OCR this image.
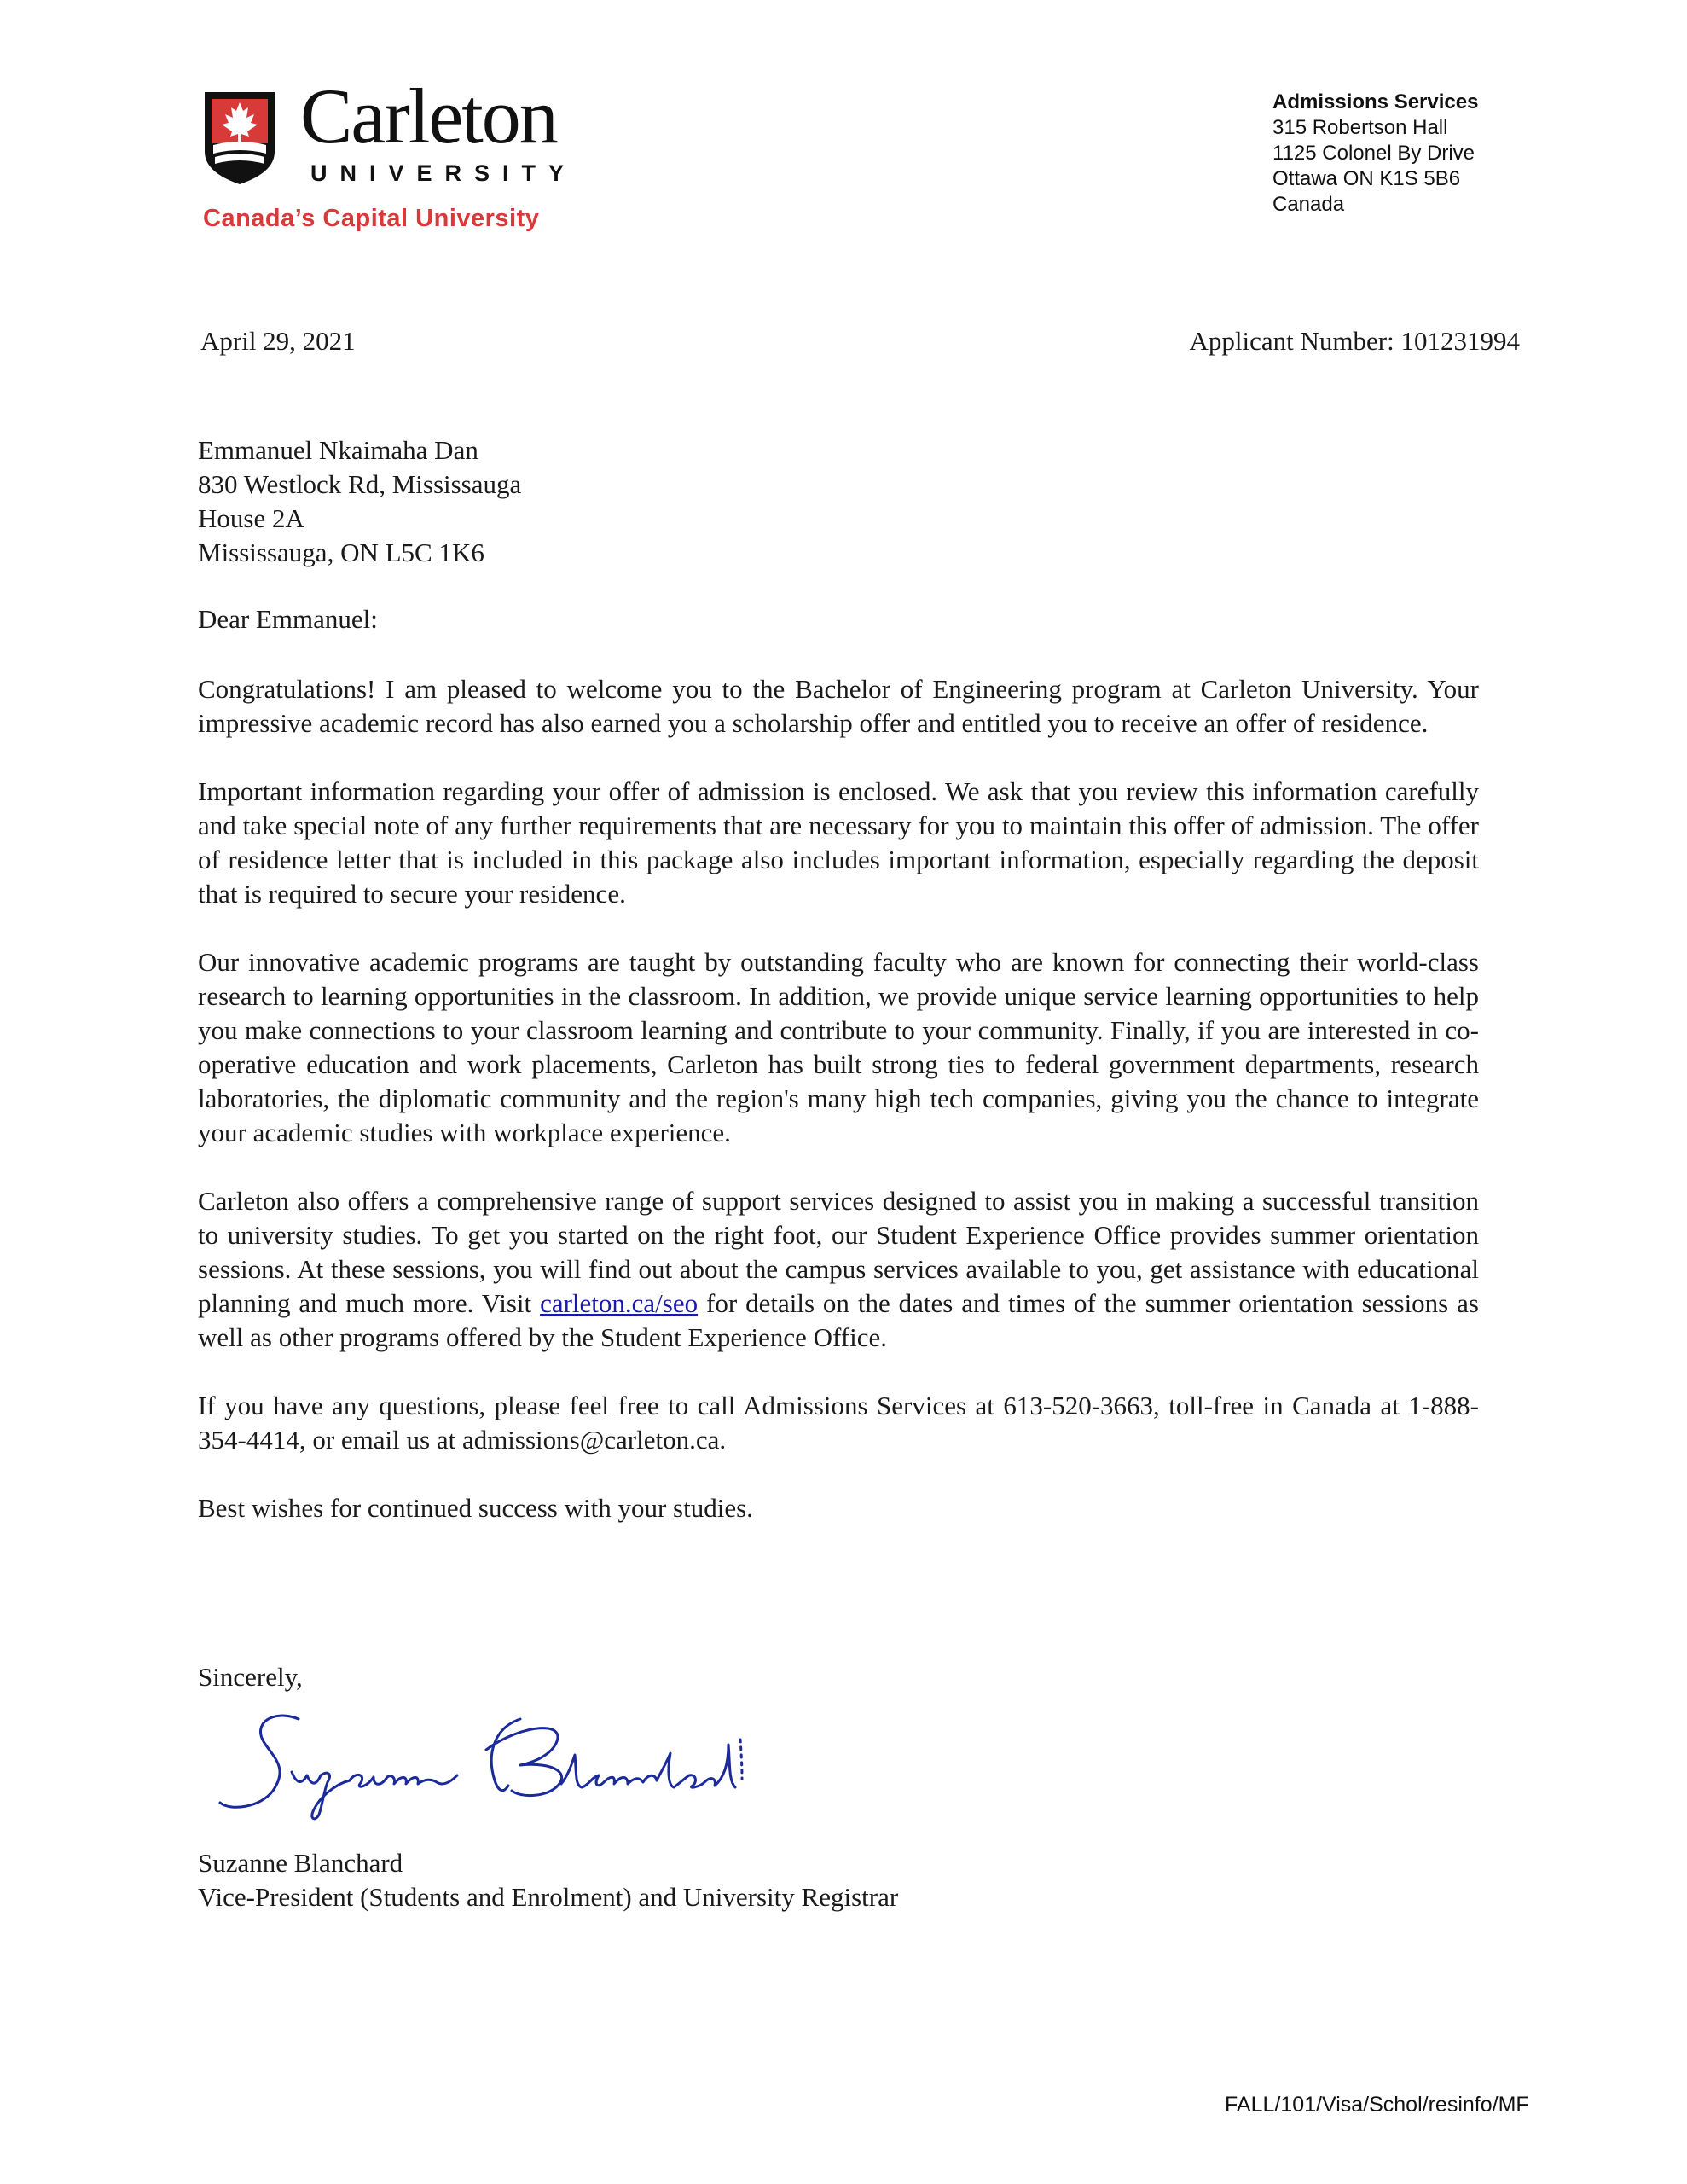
Carleton
UNIVERSITY
Canada’s Capital University
Admissions Services
315 Robertson Hall
1125 Colonel By Drive
Ottawa ON K1S 5B6
Canada
April 29, 2021	Applicant Number: 101231994
Emmanuel Nkaimaha Dan
830 Westlock Rd, Mississauga
House 2A
Mississauga, ON L5C 1K6
Dear Emmanuel:

Congratulations! I am pleased to welcome you to the Bachelor of Engineering program at Carleton University. Your impressive academic record has also earned you a scholarship offer and entitled you to receive an offer of residence.

Important information regarding your offer of admission is enclosed. We ask that you review this information carefully and take special note of any further requirements that are necessary for you to maintain this offer of admission. The offer of residence letter that is included in this package also includes important information, especially regarding the deposit that is required to secure your residence.

Our innovative academic programs are taught by outstanding faculty who are known for connecting their world-class research to learning opportunities in the classroom. In addition, we provide unique service learning opportunities to help you make connections to your classroom learning and contribute to your community. Finally, if you are interested in co-operative education and work placements, Carleton has built strong ties to federal government departments, research laboratories, the diplomatic community and the region's many high tech companies, giving you the chance to integrate your academic studies with workplace experience.

Carleton also offers a comprehensive range of support services designed to assist you in making a successful transition to university studies. To get you started on the right foot, our Student Experience Office provides summer orientation sessions. At these sessions, you will find out about the campus services available to you, get assistance with educational planning and much more. Visit carleton.ca/seo for details on the dates and times of the summer orientation sessions as well as other programs offered by the Student Experience Office.

If you have any questions, please feel free to call Admissions Services at 613-520-3663, toll-free in Canada at 1-888-354-4414, or email us at admissions@carleton.ca.

Best wishes for continued success with your studies.

Sincerely,
Suzanne Blanchard
Vice-President (Students and Enrolment) and University Registrar
FALL/101/Visa/Schol/resinfo/MF
